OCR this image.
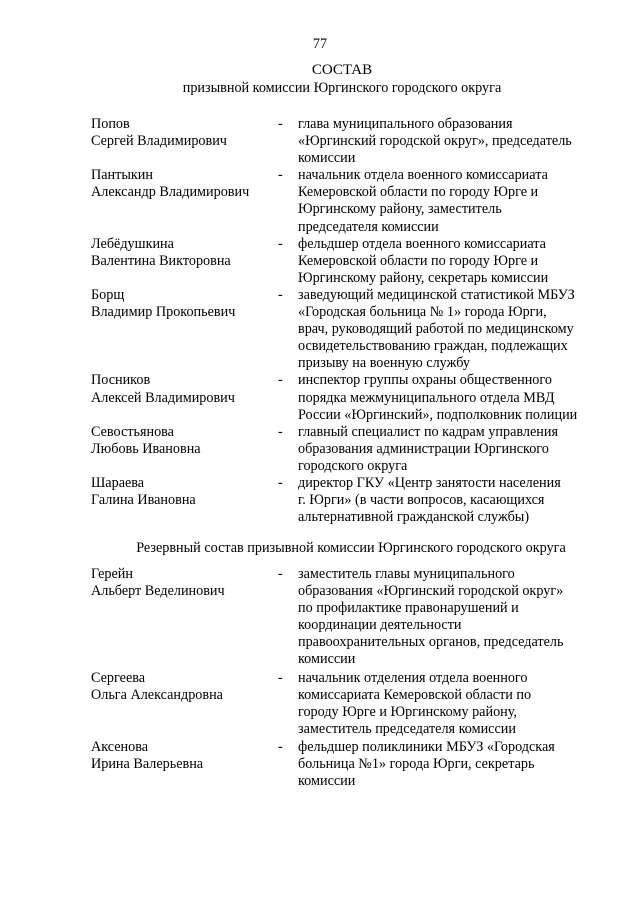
77
СОСТАВ
призывной комиссии Юргинского городского округа
Попов
Сергей Владимирович
- глава муниципального образования
«Юргинский городской округ», председатель
комиссии
Пантыкин
Александр Владимирович
- начальник отдела военного комиссариата
Кемеровской области по городу Юрге и
Юргинскому району, заместитель
председателя комиссии
Лебёдушкина
Валентина Викторовна
- фельдшер отдела военного комиссариата
Кемеровской области по городу Юрге и
Юргинскому району, секретарь комиссии
Борщ
Владимир Прокопьевич
- заведующий медицинской статистикой МБУЗ
«Городская больница № 1» города Юрги,
врач, руководящий работой по медицинскому
освидетельствованию граждан, подлежащих
призыву на военную службу
Посников
Алексей Владимирович
- инспектор группы охраны общественного
порядка межмуниципального отдела МВД
России «Юргинский», подполковник полиции
Севостьянова
Любовь Ивановна
- главный специалист по кадрам управления
образования администрации Юргинского
городского округа
Шараева
Галина Ивановна
- директор ГКУ «Центр занятости населения
г. Юрги» (в части вопросов, касающихся
альтернативной гражданской службы)
Резервный состав призывной комиссии Юргинского городского округа
Герейн
Альберт Веделинович
- заместитель главы муниципального
образования «Юргинский городской округ»
по профилактике правонарушений и
координации деятельности
правоохранительных органов, председатель
комиссии
Сергеева
Ольга Александровна
- начальник отделения отдела военного
комиссариата Кемеровской области по
городу Юрге и Юргинскому району,
заместитель председателя комиссии
Аксенова
Ирина Валерьевна
- фельдшер поликлиники МБУЗ «Городская
больница №1» города Юрги, секретарь
комиссии
